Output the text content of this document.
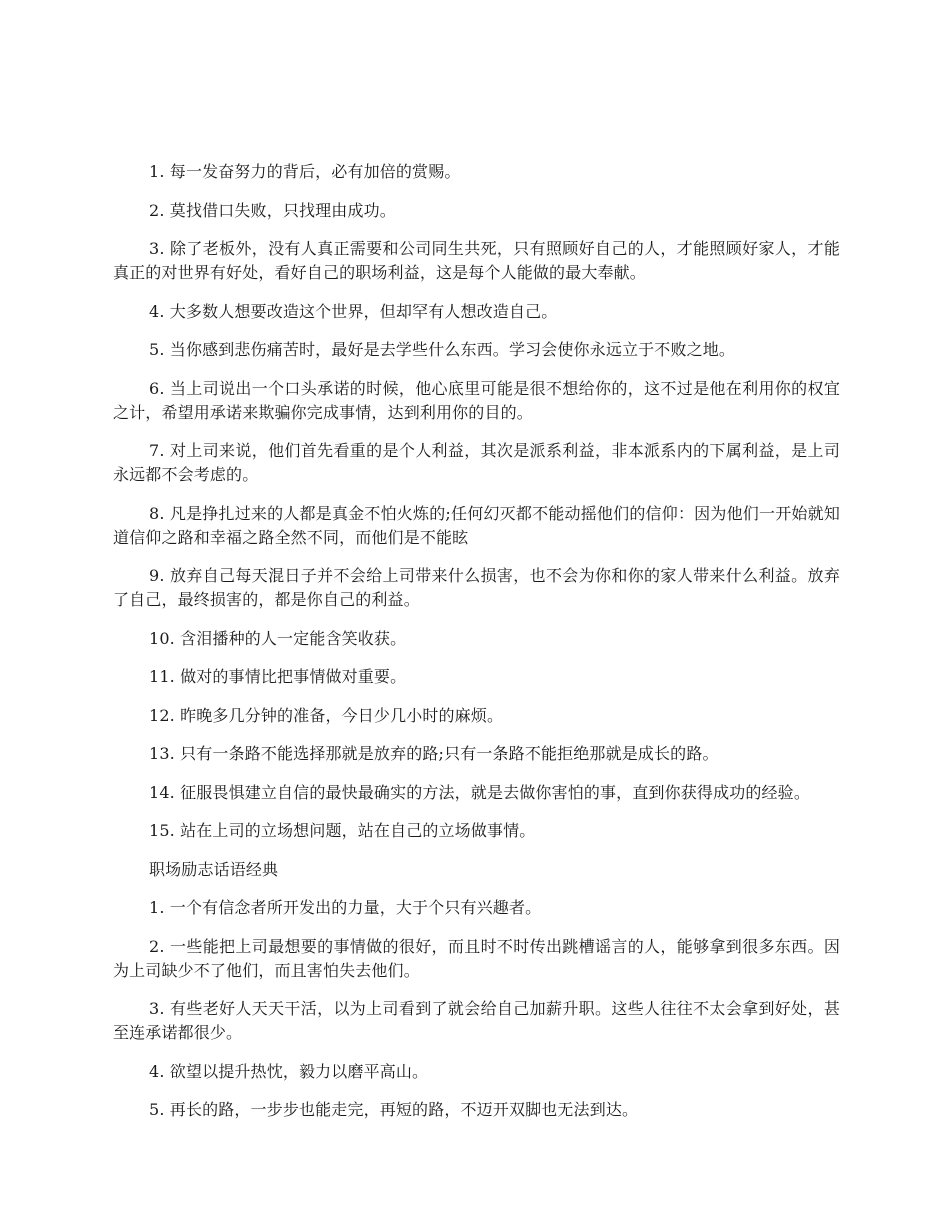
1. 每一发奋努力的背后，必有加倍的赏赐。

2. 莫找借口失败，只找理由成功。

3. 除了老板外，没有人真正需要和公司同生共死，只有照顾好自己的人，才能照顾好家人，才能真正的对世界有好处，看好自己的职场利益，这是每个人能做的最大奉献。

4. 大多数人想要改造这个世界，但却罕有人想改造自己。

5. 当你感到悲伤痛苦时，最好是去学些什么东西。学习会使你永远立于不败之地。

6. 当上司说出一个口头承诺的时候，他心底里可能是很不想给你的，这不过是他在利用你的权宜之计，希望用承诺来欺骗你完成事情，达到利用你的目的。

7. 对上司来说，他们首先看重的是个人利益，其次是派系利益，非本派系内的下属利益，是上司永远都不会考虑的。

8. 凡是挣扎过来的人都是真金不怕火炼的;任何幻灭都不能动摇他们的信仰：因为他们一开始就知道信仰之路和幸福之路全然不同，而他们是不能眩

9. 放弃自己每天混日子并不会给上司带来什么损害，也不会为你和你的家人带来什么利益。放弃了自己，最终损害的，都是你自己的利益。

10. 含泪播种的人一定能含笑收获。

11. 做对的事情比把事情做对重要。

12. 昨晚多几分钟的准备，今日少几小时的麻烦。

13. 只有一条路不能选择那就是放弃的路;只有一条路不能拒绝那就是成长的路。

14. 征服畏惧建立自信的最快最确实的方法，就是去做你害怕的事，直到你获得成功的经验。

15. 站在上司的立场想问题，站在自己的立场做事情。

职场励志话语经典

1. 一个有信念者所开发出的力量，大于个只有兴趣者。

2. 一些能把上司最想要的事情做的很好，而且时不时传出跳槽谣言的人，能够拿到很多东西。因为上司缺少不了他们，而且害怕失去他们。

3. 有些老好人天天干活，以为上司看到了就会给自己加薪升职。这些人往往不太会拿到好处，甚至连承诺都很少。

4. 欲望以提升热忱，毅力以磨平高山。

5. 再长的路，一步步也能走完，再短的路，不迈开双脚也无法到达。
